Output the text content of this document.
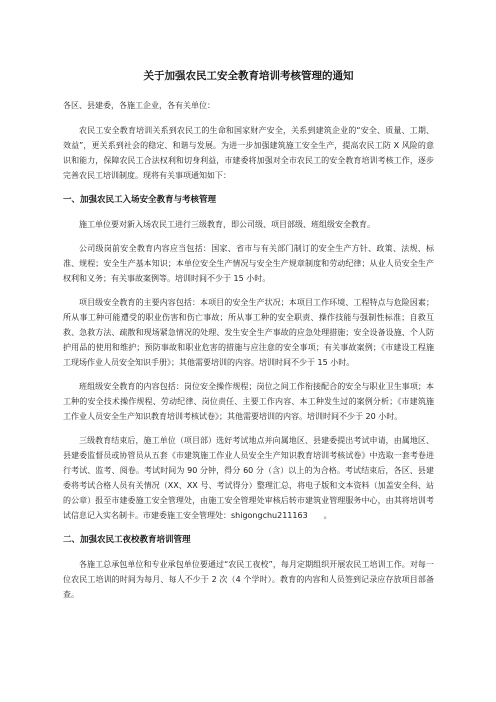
关于加强农民工安全教育培训考核管理的通知

各区、县建委，各施工企业，各有关单位：

农民工安全教育培训关系到农民工的生命和国家财产安全，关系到建筑企业的“安全、质量、工期、效益”，更关系到社会的稳定、和谐与发展。为进一步加强建筑施工安全生产，提高农民工防 X 风险的意识和能力，保障农民工合法权利和切身利益，市建委将加强对全市农民工的安全教育培训考核工作，逐步完善农民工培训制度。现将有关事项通知如下：

一、加强农民工入场安全教育与考核管理

施工单位要对新入场农民工进行三级教育，即公司级、项目部级、班组级安全教育。

公司级岗前安全教育内容应当包括：国家、省市与有关部门制订的安全生产方针、政策、法规、标准、规程；安全生产基本知识；本单位安全生产情况与安全生产规章制度和劳动纪律；从业人员安全生产权利和义务；有关事故案例等。培训时间不少于 15 小时。

项目级安全教育的主要内容包括：本项目的安全生产状况；本项目工作环境、工程特点与危险因素；所从事工种可能遭受的职业伤害和伤亡事故；所从事工种的安全职责、操作技能与强制性标准；自救互救、急救方法、疏散和现场紧急情况的处理、发生安全生产事故的应急处理措施；安全设备设施、个人防护用品的使用和维护；预防事故和职业危害的措施与应注意的安全事项；有关事故案例；《市建设工程施工现场作业人员安全知识手册》；其他需要培训的内容。培训时间不少于 15 小时。

班组级安全教育的内容包括：岗位安全操作规程；岗位之间工作衔接配合的安全与职业卫生事项；本工种的安全技术操作规程、劳动纪律、岗位责任、主要工作内容、本工种发生过的案例分析；《市建筑施工作业人员安全生产知识教育培训考核试卷》；其他需要培训的内容。培训时间不少于 20 小时。

三级教育结束后，施工单位（项目部）选好考试地点并向属地区、县建委提出考试申请，由属地区、县建委监督员或协管员从五套《市建筑施工作业人员安全生产知识教育培训考核试卷》中选取一套考卷进行考试、监考、阅卷。考试时间为 90 分钟，得分 60 分（含）以上的为合格。考试结束后，各区、县建委将考试合格人员有关情况（XX、XX 号、考试得分）整理汇总，将电子版和文本资料（加盖安全科、站的公章）报至市建委施工安全管理处，由施工安全管理处审核后转市建筑业管理服务中心，由其将培训考试信息记入实名制卡。市建委施工安全管理处：shigongchu211163　　。

二、加强农民工夜校教育培训管理

各施工总承包单位和专业承包单位要通过“农民工夜校”，每月定期组织开展农民工培训工作。对每一位农民工培训的时间为每月、每人不少于 2 次（4 个学时）。教育的内容和人员签到记录应存放项目部备查。
